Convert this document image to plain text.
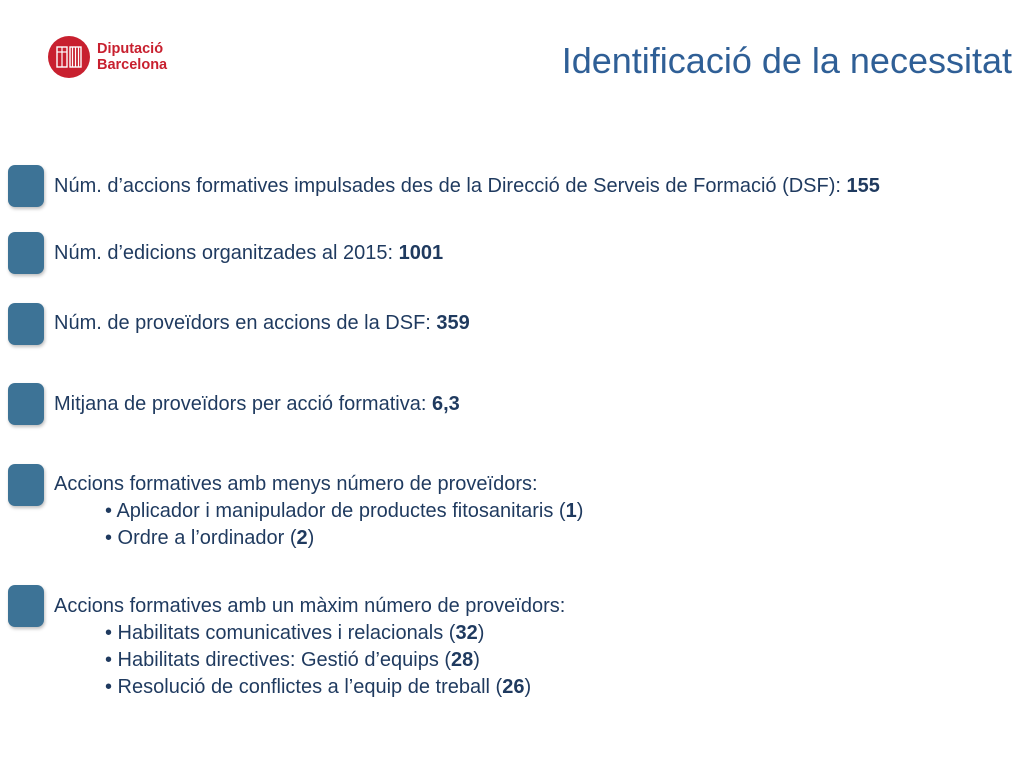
Diputació
Barcelona	Identificació de la necessitat
Núm. d’accions formatives impulsades des de la Direcció de Serveis de Formació (DSF): 155
Núm. d’edicions organitzades al 2015: 1001
Núm. de proveïdors en accions de la DSF: 359
Mitjana de proveïdors per acció formativa: 6,3
Accions formatives amb menys número de proveïdors:
• Aplicador i manipulador de productes fitosanitaris (1)
• Ordre a l’ordinador (2)
Accions formatives amb un màxim número de proveïdors:
• Habilitats comunicatives i relacionals (32)
• Habilitats directives: Gestió d’equips (28)
• Resolució de conflictes a l’equip de treball (26)
